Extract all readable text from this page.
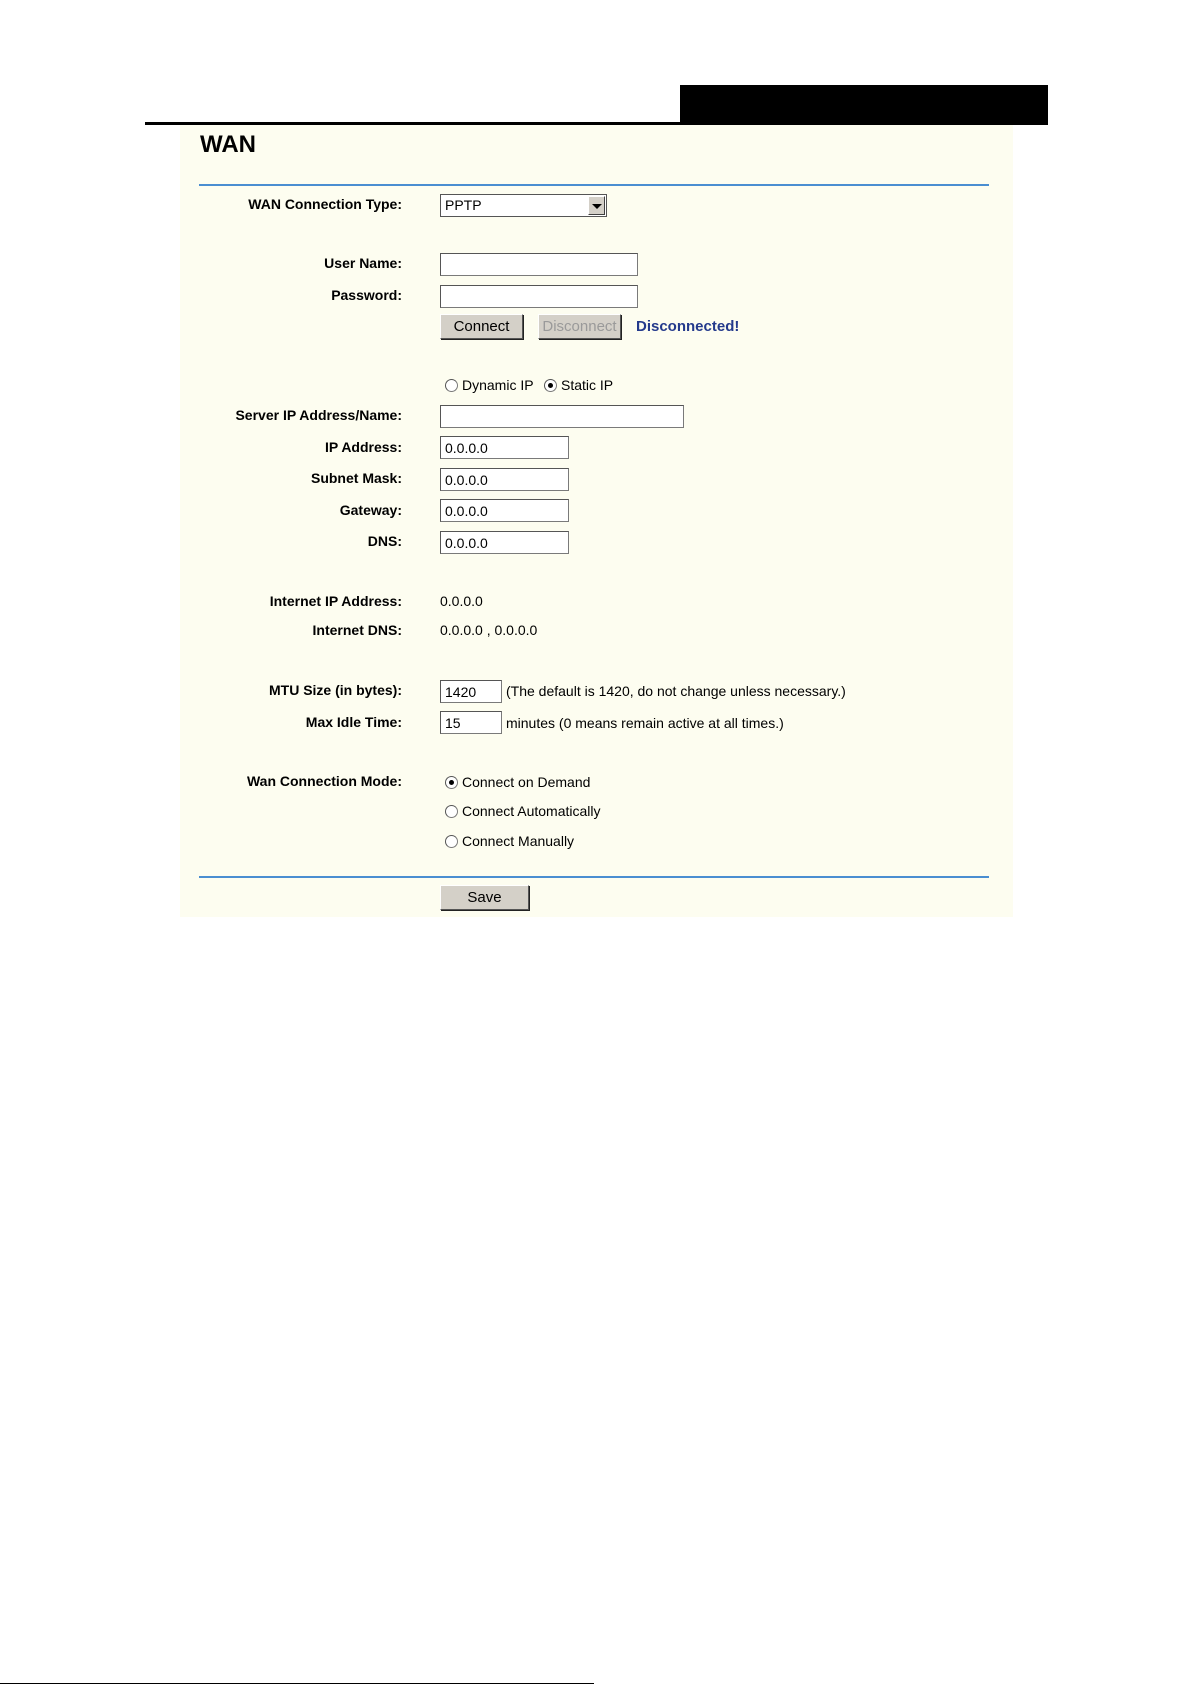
WAN
WAN Connection Type:	PPTP
User Name:
Password:
Connect	Disconnect Disconnected!
Dynamic IP Static IP
Server IP Address/Name:
IP Address:
0.0.0.0
Subnet Mask:
0.0.0.0
Gateway:
0.0.0.0
DNS:
0.0.0.0
Internet IP Address:	0.0.0.0
Internet DNS:	0.0.0.0 , 0.0.0.0
MTU Size (in bytes):
1420	(The default is 1420, do not change unless necessary.)
Max Idle Time:
15	minutes (0 means remain active at all times.)
Wan Connection Mode:	Connect on Demand
Connect Automatically
Connect Manually
Save
